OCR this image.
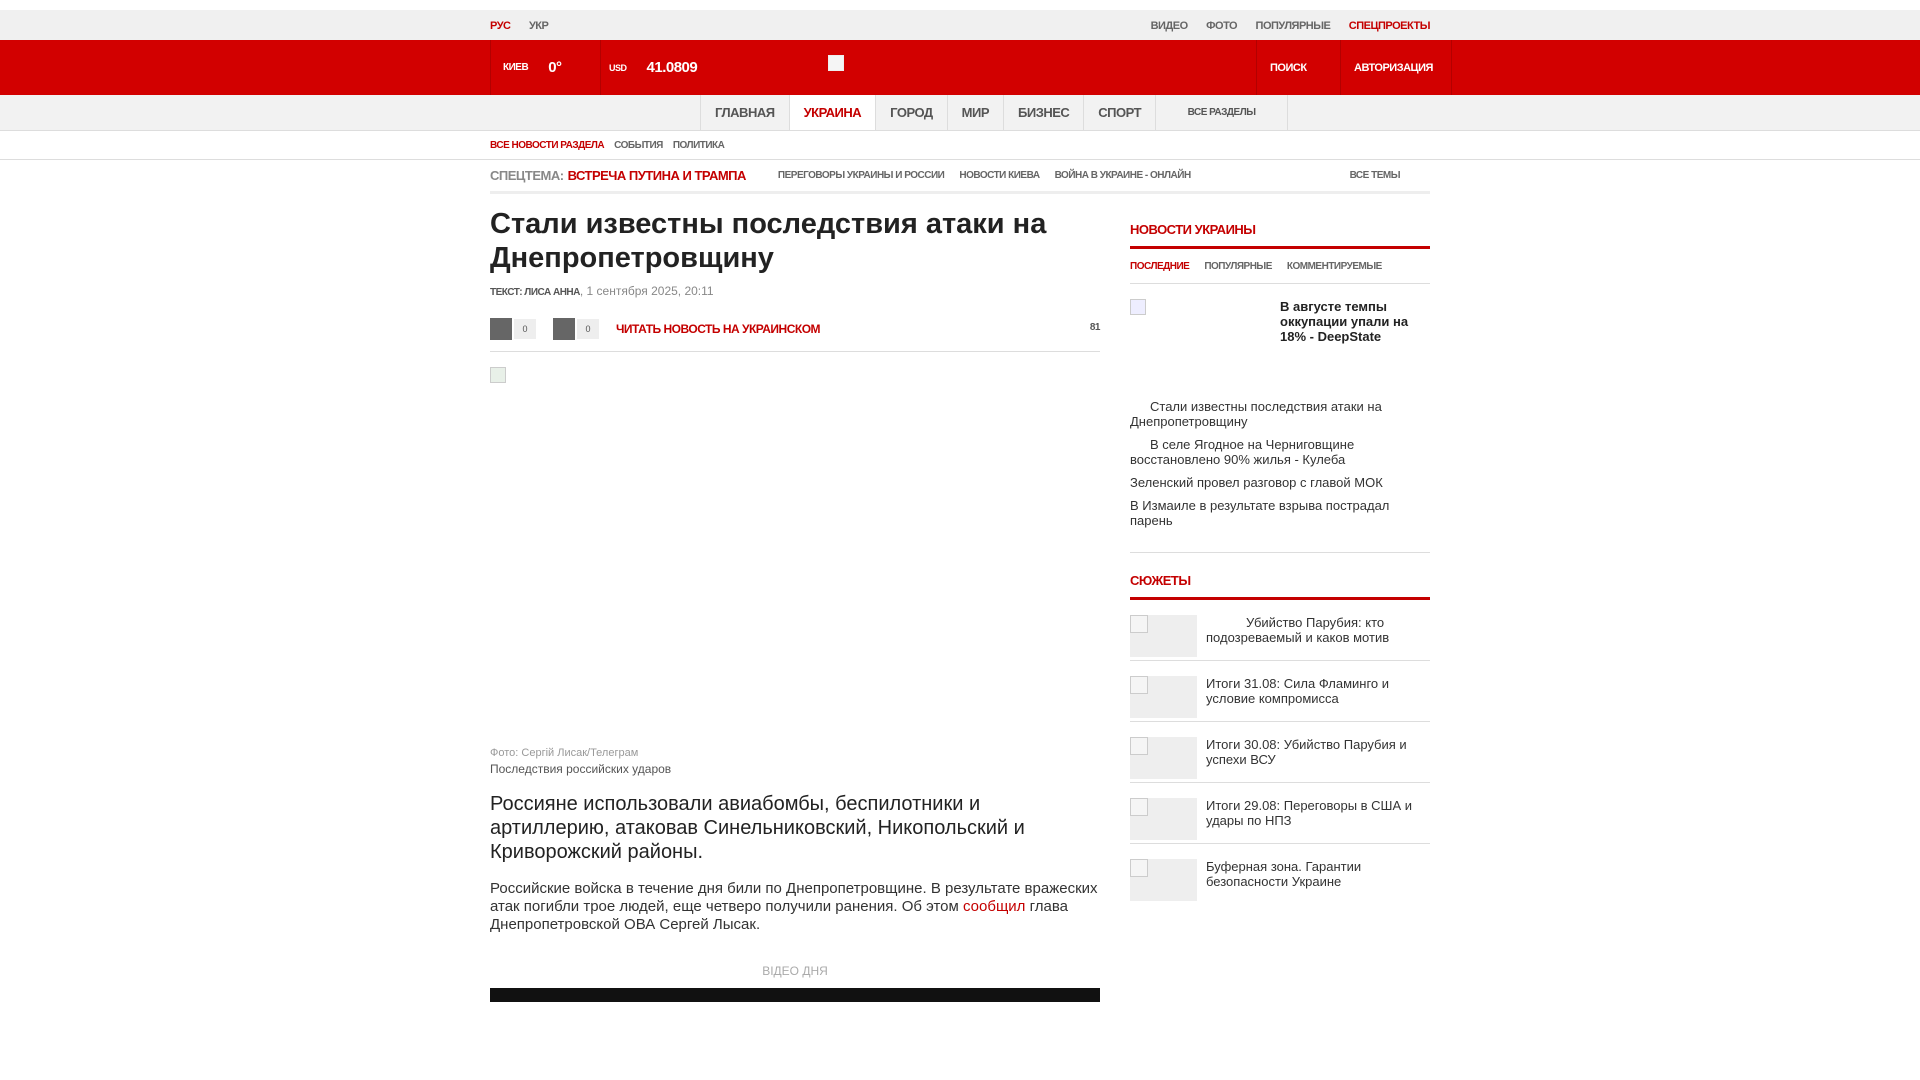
РУС УКР	ВИДЕО ФОТО ПОПУЛЯРНЫЕ СПЕЦПРОЕКТЫ
КИЕВ 0°	USD 41.0809	ПОИСК	АВТОРИЗАЦИЯ
ГЛАВНАЯ	УКРАИНА	ГОРОД	МИР	БИЗНЕС	СПОРТ	ВСЕ РАЗДЕЛЫ
ВСЕ НОВОСТИ РАЗДЕЛА СОБЫТИЯ ПОЛИТИКА
СПЕЦТЕМА: ВСТРЕЧА ПУТИНА И ТРАМПА	ПЕРЕГОВОРЫ УКРАИНЫ И РОССИИ НОВОСТИ КИЕВА ВОЙНА В УКРАИНЕ - ОНЛАЙН	ВСЕ ТЕМЫ
Стали известны последствия атаки на Днепропетровщину
ТЕКСТ: ЛИСА АННА, 1 сентября 2025, 20:11
0	0	ЧИТАТЬ НОВОСТЬ НА УКРАИНСКОМ	81
Фото: Сергій Лисак/Телеграм
Последствия российских ударов

Россияне использовали авиабомбы, беспилотники и артиллерию, атаковав Синельниковский, Никопольский и Криворожский районы.

Российские войска в течение дня били по Днепропетровщине. В результате вражеских атак погибли трое людей, еще четверо получили ранения. Об этом сообщил глава Днепропетровской ОВА Сергей Лысак.

ВІДЕО ДНЯ
НОВОСТИ УКРАИНЫ
ПОСЛЕДНИЕ ПОПУЛЯРНЫЕ КОММЕНТИРУЕМЫЕ
В августе темпы оккупации упали на 18% - DeepState
Стали известны последствия атаки на Днепропетровщину
В селе Ягодное на Черниговщине восстановлено 90% жилья - Кулеба
Зеленский провел разговор с главой МОК
В Измаиле в результате взрыва пострадал парень
СЮЖЕТЫ
Убийство Парубия: кто подозреваемый и каков мотив
Итоги 31.08: Сила Фламинго и условие компромисса
Итоги 30.08: Убийство Парубия и успехи ВСУ
Итоги 29.08: Переговоры в США и удары по НПЗ
Буферная зона. Гарантии безопасности Украине
